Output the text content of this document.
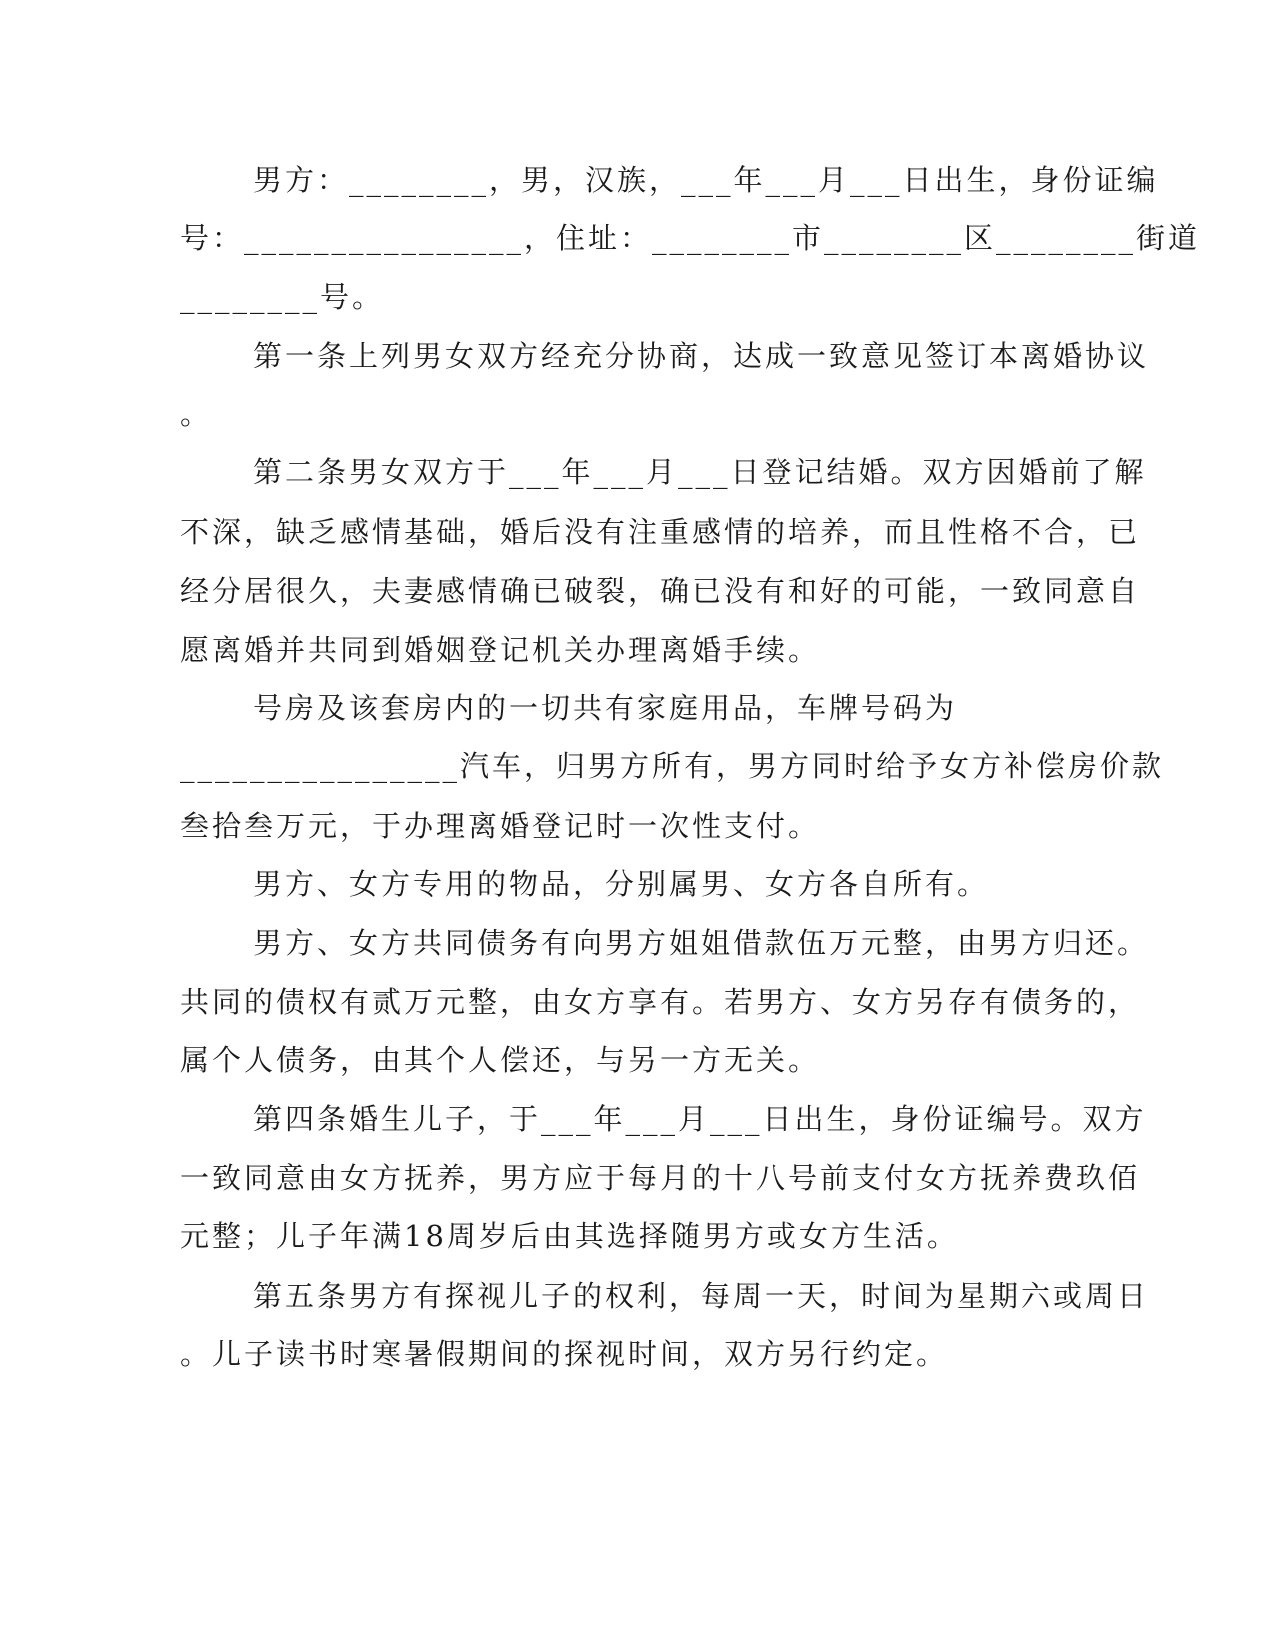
男方：________，男，汉族，___年___月___日出生，身份证编
号：________________，住址：________市________区________街道
________号。
第一条上列男女双方经充分协商，达成一致意见签订本离婚协议
。
第二条男女双方于___年___月___日登记结婚。双方因婚前了解
不深，缺乏感情基础，婚后没有注重感情的培养，而且性格不合，已
经分居很久，夫妻感情确已破裂，确已没有和好的可能，一致同意自
愿离婚并共同到婚姻登记机关办理离婚手续。
号房及该套房内的一切共有家庭用品，车牌号码为
________________汽车，归男方所有，男方同时给予女方补偿房价款
叁拾叁万元，于办理离婚登记时一次性支付。
男方、女方专用的物品，分别属男、女方各自所有。
男方、女方共同债务有向男方姐姐借款伍万元整，由男方归还。
共同的债权有贰万元整，由女方享有。若男方、女方另存有债务的，
属个人债务，由其个人偿还，与另一方无关。
第四条婚生儿子，于___年___月___日出生，身份证编号。双方
一致同意由女方抚养，男方应于每月的十八号前支付女方抚养费玖佰
元整；儿子年满18周岁后由其选择随男方或女方生活。
第五条男方有探视儿子的权利，每周一天，时间为星期六或周日
。儿子读书时寒暑假期间的探视时间，双方另行约定。
